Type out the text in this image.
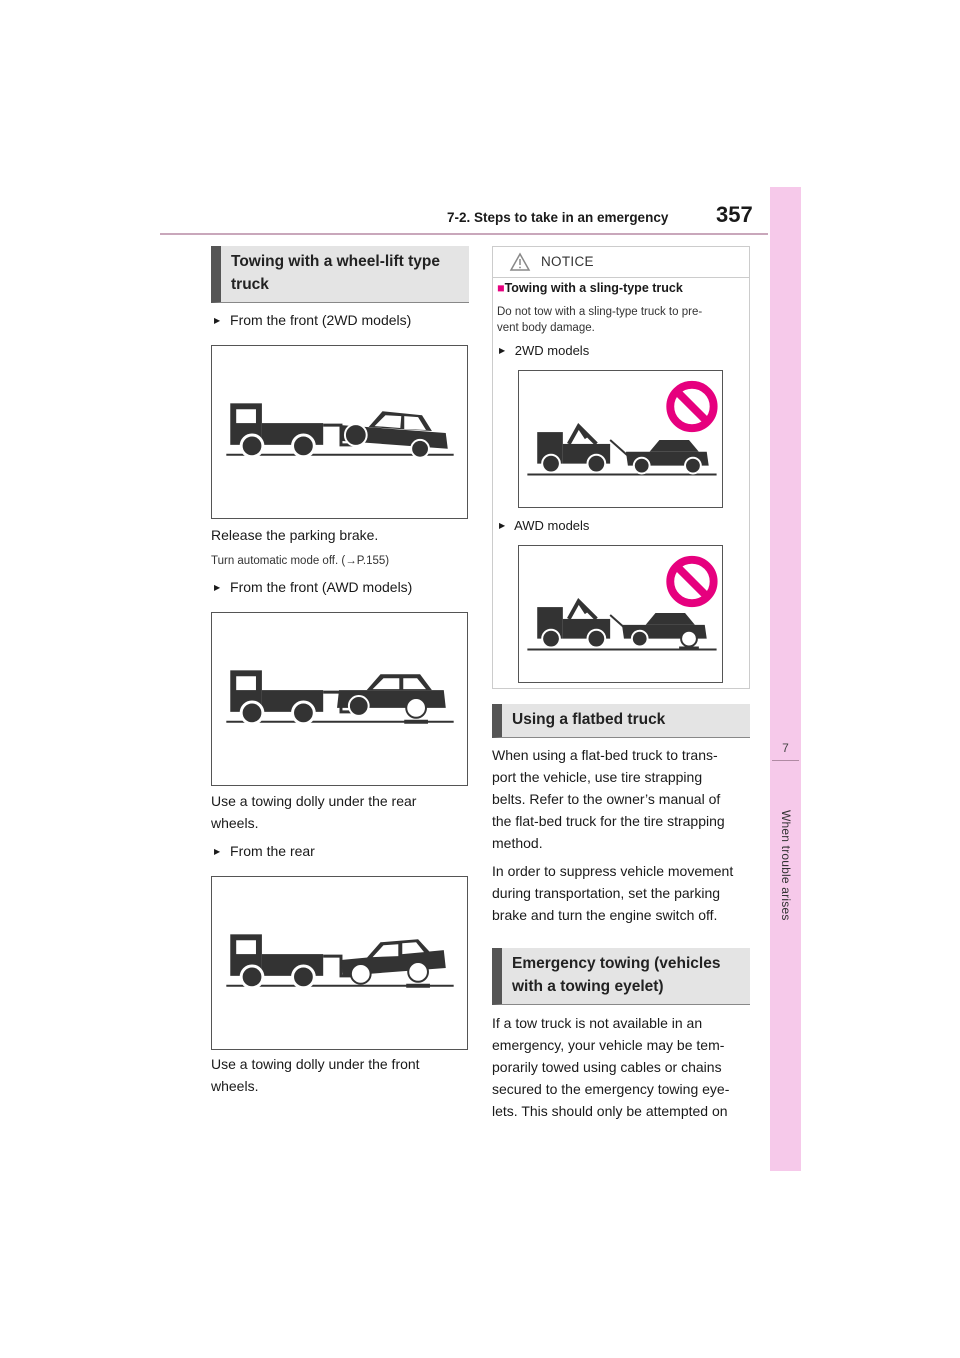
7-2. Steps to take in an emergency 357
7
When trouble arises
Towing with a wheel-lift type
truck
▶ From the front (2WD models)
Release the parking brake.
Turn automatic mode off. (→P.155)
▶ From the front (AWD models)
Use a towing dolly under the rear
wheels.
▶ From the rear
Use a towing dolly under the front
wheels.
NOTICE
■Towing with a sling-type truck
Do not tow with a sling-type truck to pre-
vent body damage.
▶ 2WD models
▶ AWD models
Using a flatbed truck
When using a flat-bed truck to trans-
port the vehicle, use tire strapping
belts. Refer to the owner’s manual of
the flat-bed truck for the tire strapping
method.
In order to suppress vehicle movement
during transportation, set the parking
brake and turn the engine switch off.
Emergency towing (vehicles
with a towing eyelet)
If a tow truck is not available in an
emergency, your vehicle may be tem-
porarily towed using cables or chains
secured to the emergency towing eye-
lets. This should only be attempted on
